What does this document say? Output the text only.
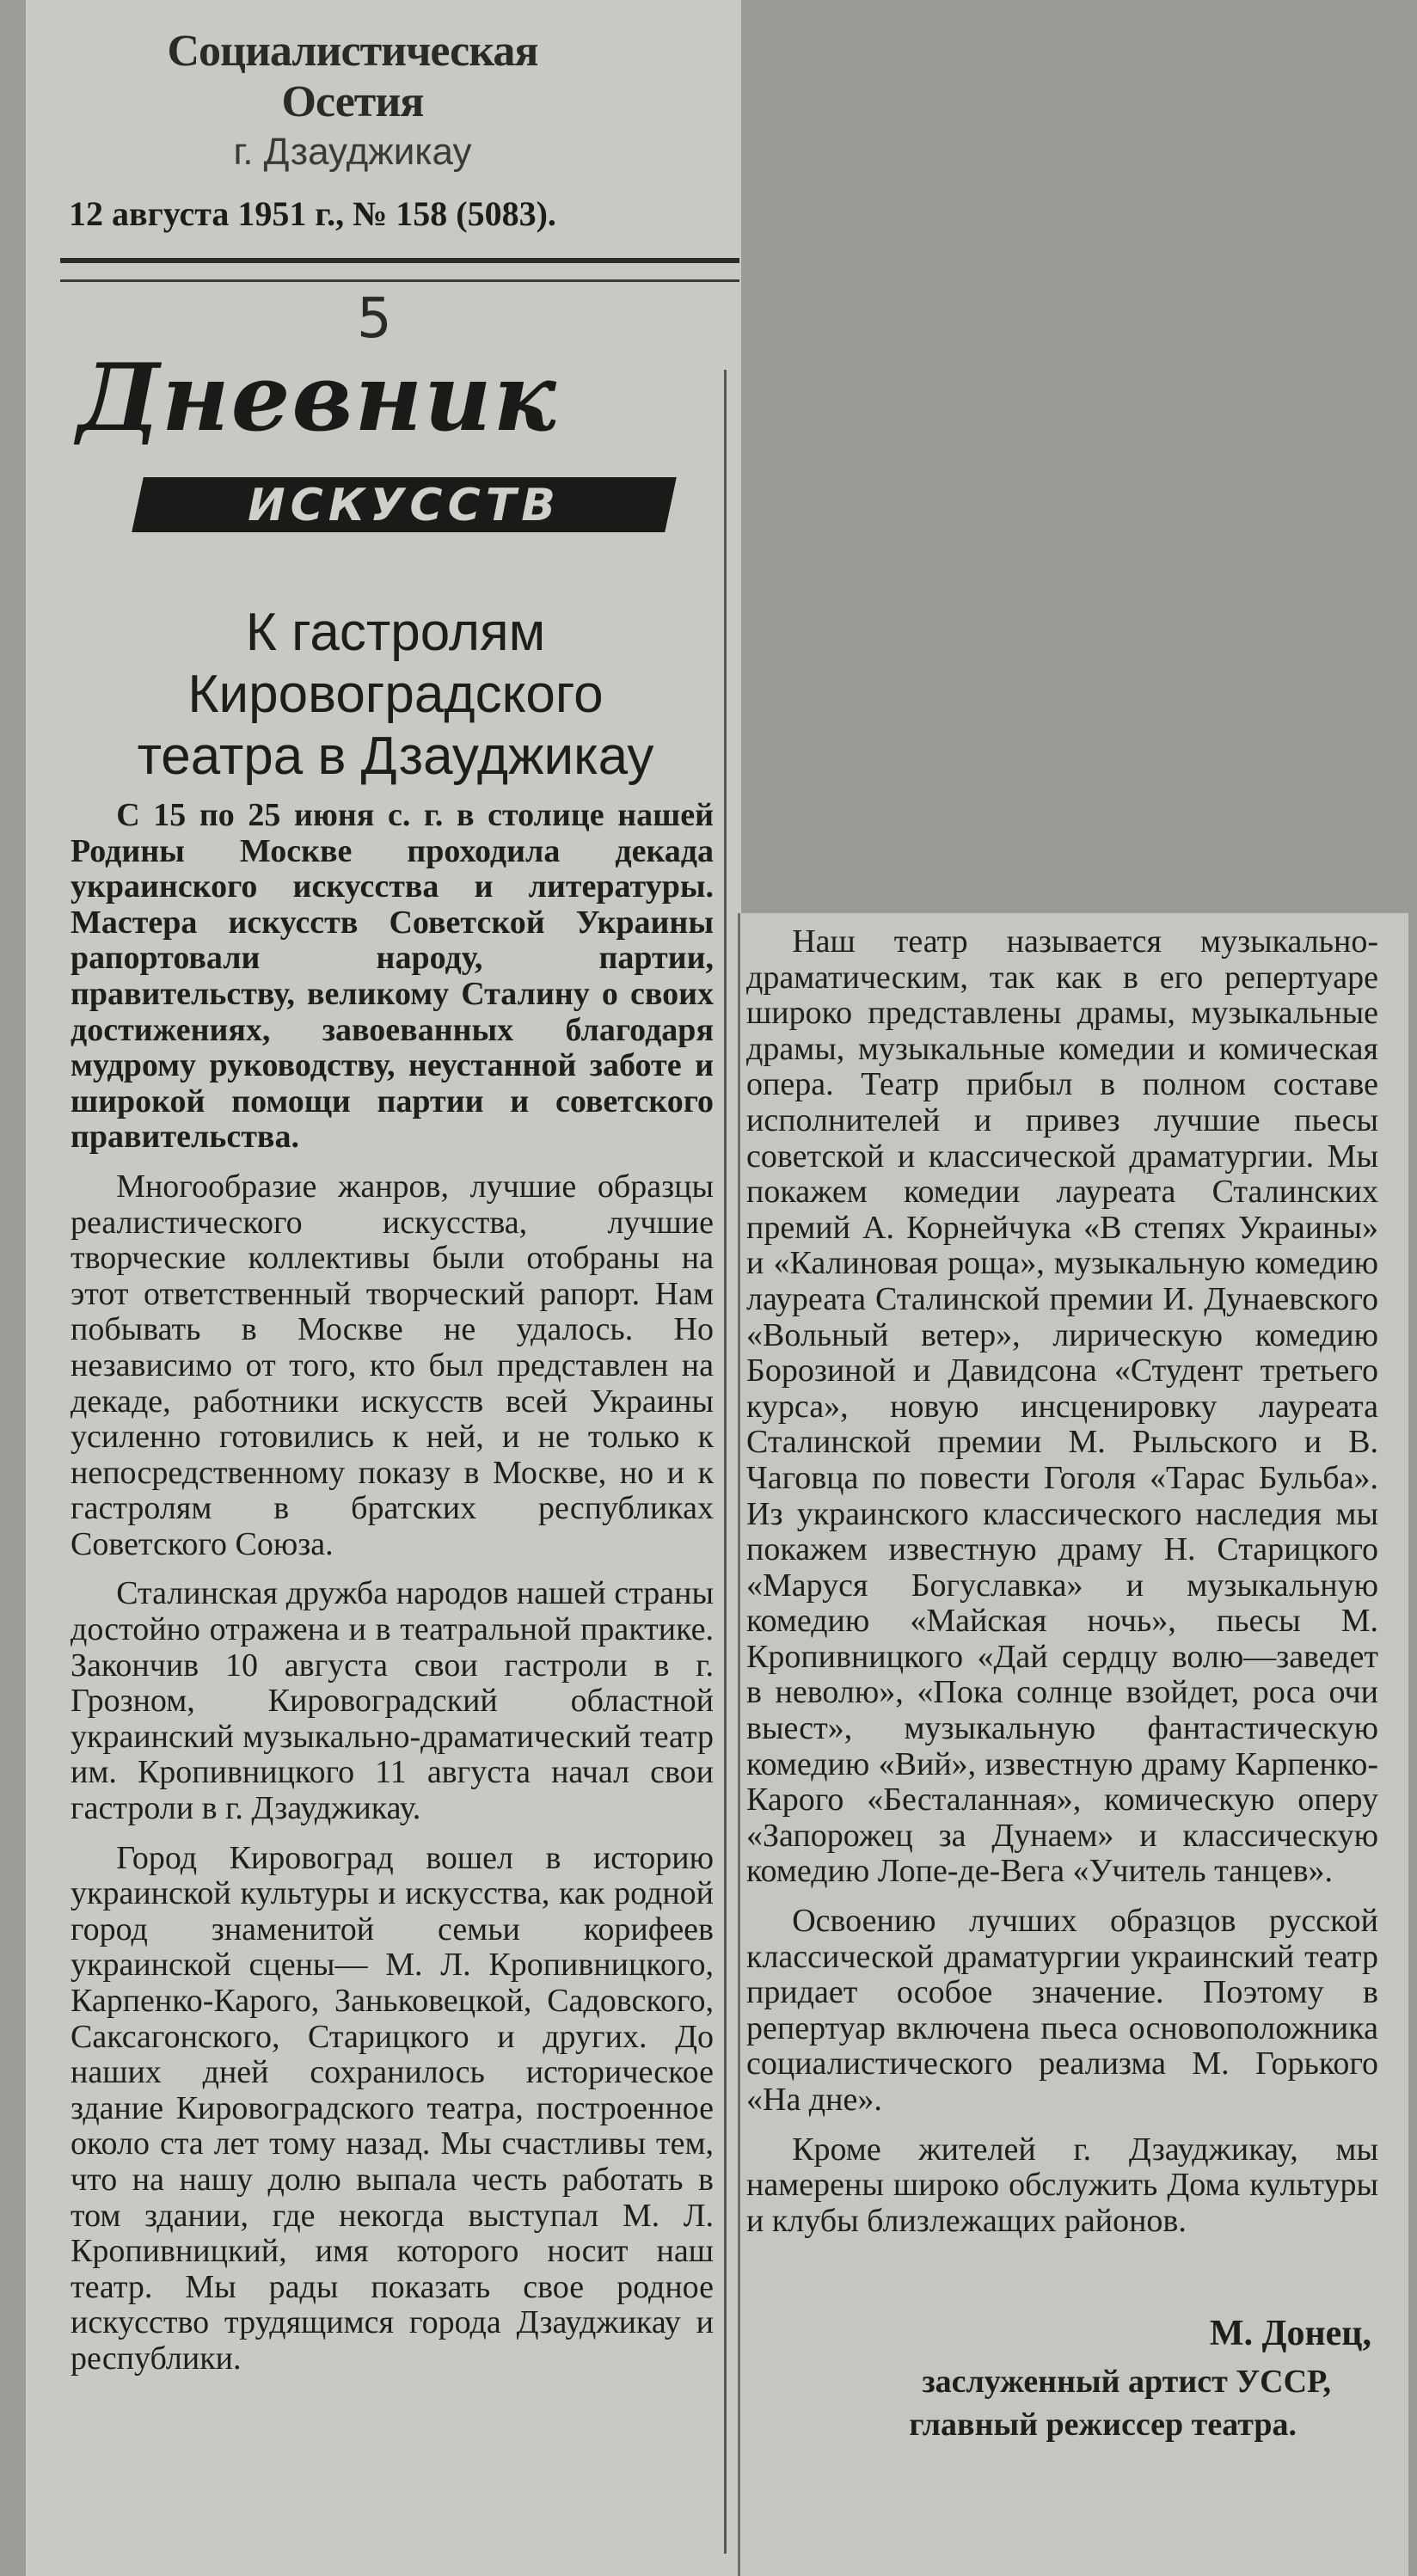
Социалистическая Осетия
г. Дзауджикау
12 августа 1951 г., № 158 (5083).
5
Дневник
ИСКУССТВ
К гастролям
Кировоградского
театра в Дзауджикау

С 15 по 25 июня с. г. в столице нашей Родины Москве проходила декада украинского искусства и литературы. Мастера искусств Советской Украины рапортовали народу, партии, правительству, великому Сталину о своих достижениях, завоеванных благодаря мудрому руководству, неустанной заботе и широкой помощи партии и советского правительства.

Многообразие жанров, лучшие образцы реалистического искусства, лучшие творческие коллективы были отобраны на этот ответственный творческий рапорт. Нам побывать в Москве не удалось. Но независимо от того, кто был представлен на декаде, работники искусств всей Украины усиленно готовились к ней, и не только к непосредственному показу в Москве, но и к гастролям в братских республиках Советского Союза.

Сталинская дружба народов нашей страны достойно отражена и в театральной практике. Закончив 10 августа свои гастроли в г. Грозном, Кировоградский областной украинский музыкально-драматический театр им. Кропивницкого 11 августа начал свои гастроли в г. Дзауджикау.

Город Кировоград вошел в историю украинской культуры и искусства, как родной город знаменитой семьи корифеев украинской сцены— М. Л. Кропивницкого, Карпенко-Карого, Заньковецкой, Садовского, Саксагонского, Старицкого и других. До наших дней сохранилось историческое здание Кировоградского театра, построенное около ста лет тому назад. Мы счастливы тем, что на нашу долю выпала честь работать в том здании, где некогда выступал М. Л. Кропивницкий, имя которого носит наш театр. Мы рады показать свое родное искусство трудящимся города Дзауджикау и республики.

Наш театр называется музыкально-драматическим, так как в его репертуаре широко представлены драмы, музыкальные драмы, музыкальные комедии и комическая опера. Театр прибыл в полном составе исполнителей и привез лучшие пьесы советской и классической драматургии. Мы покажем комедии лауреата Сталинских премий А. Корнейчука «В степях Украины» и «Калиновая роща», музыкальную комедию лауреата Сталинской премии И. Дунаевского «Вольный ветер», лирическую комедию Борозиной и Давидсона «Студент третьего курса», новую инсценировку лауреата Сталинской премии М. Рыльского и В. Чаговца по повести Гоголя «Тарас Бульба». Из украинского классического наследия мы покажем известную драму Н. Старицкого «Маруся Богуславка» и музыкальную комедию «Майская ночь», пьесы М. Кропивницкого «Дай сердцу волю—заведет в неволю», «Пока солнце взойдет, роса очи выест», музыкальную фантастическую комедию «Вий», известную драму Карпенко-Карого «Бесталанная», комическую оперу «Запорожец за Дунаем» и классическую комедию Лопе-де-Вега «Учитель танцев».

Освоению лучших образцов русской классической драматургии украинский театр придает особое значение. Поэтому в репертуар включена пьеса основоположника социалистического реализма М. Горького «На дне».

Кроме жителей г. Дзауджикау, мы намерены широко обслужить Дома культуры и клубы близлежащих районов.

М. Донец,
заслуженный артист УССР,
главный режиссер театра.
